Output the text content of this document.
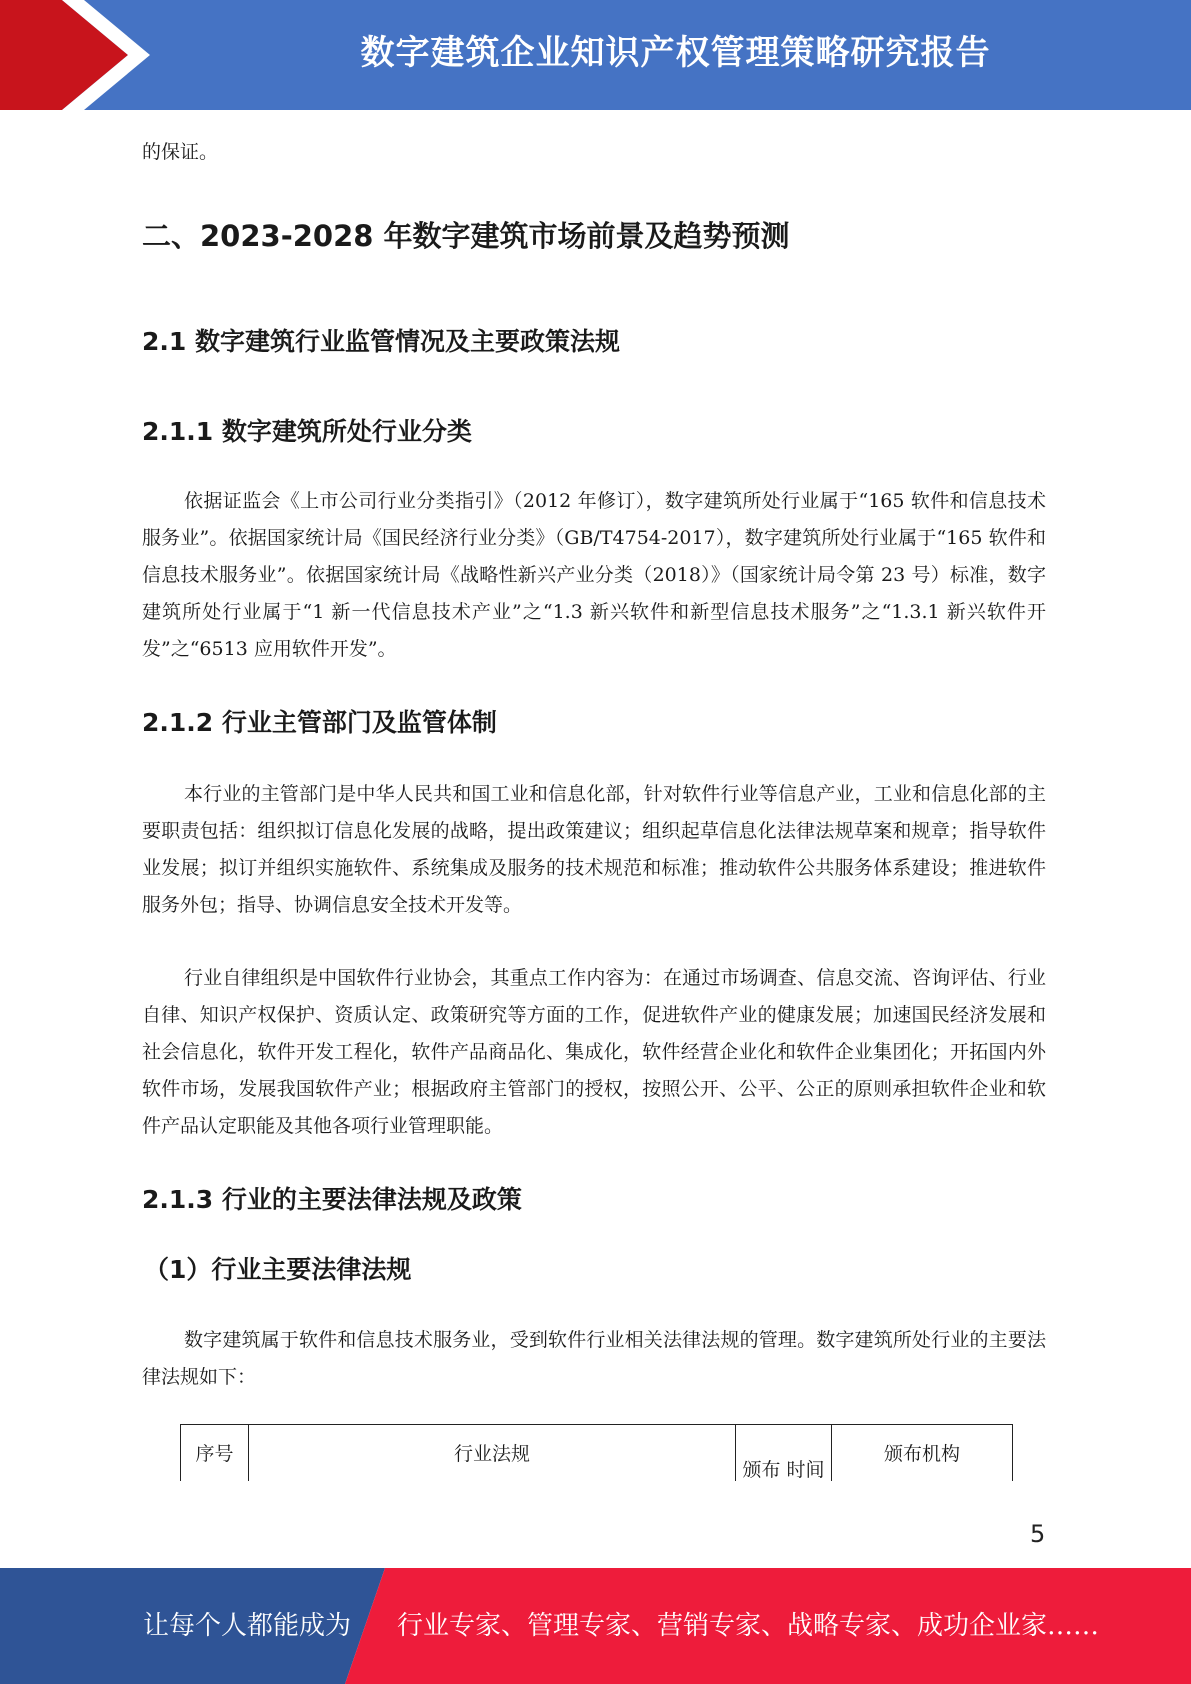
数字建筑企业知识产权管理策略研究报告
的保证。
二、2023-2028 年数字建筑市场前景及趋势预测
2.1 数字建筑行业监管情况及主要政策法规
2.1.1 数字建筑所处行业分类
依据证监会《上市公司行业分类指引》（2012 年修订），数字建筑所处行业属于“165 软件和信息技术服务业”。依据国家统计局《国民经济行业分类》（GB/T4754-2017），数字建筑所处行业属于“165 软件和信息技术服务业”。依据国家统计局《战略性新兴产业分类（2018）》（国家统计局令第 23 号）标准，数字建筑所处行业属于“1 新一代信息技术产业”之“1.3 新兴软件和新型信息技术服务”之“1.3.1 新兴软件开发”之“6513 应用软件开发”。
2.1.2 行业主管部门及监管体制
本行业的主管部门是中华人民共和国工业和信息化部，针对软件行业等信息产业，工业和信息化部的主要职责包括：组织拟订信息化发展的战略，提出政策建议；组织起草信息化法律法规草案和规章；指导软件业发展；拟订并组织实施软件、系统集成及服务的技术规范和标准；推动软件公共服务体系建设；推进软件服务外包；指导、协调信息安全技术开发等。
行业自律组织是中国软件行业协会，其重点工作内容为：在通过市场调查、信息交流、咨询评估、行业自律、知识产权保护、资质认定、政策研究等方面的工作，促进软件产业的健康发展；加速国民经济发展和社会信息化，软件开发工程化，软件产品商品化、集成化，软件经营企业化和软件企业集团化；开拓国内外软件市场，发展我国软件产业；根据政府主管部门的授权，按照公开、公平、公正的原则承担软件企业和软件产品认定职能及其他各项行业管理职能。
2.1.3 行业的主要法律法规及政策
（1）行业主要法律法规
数字建筑属于软件和信息技术服务业，受到软件行业相关法律法规的管理。数字建筑所处行业的主要法律法规如下：
序号	行业法规
颁布 时间
颁布机构
5
让每个人都能成为 行业专家、管理专家、营销专家、战略专家、成功企业家……
